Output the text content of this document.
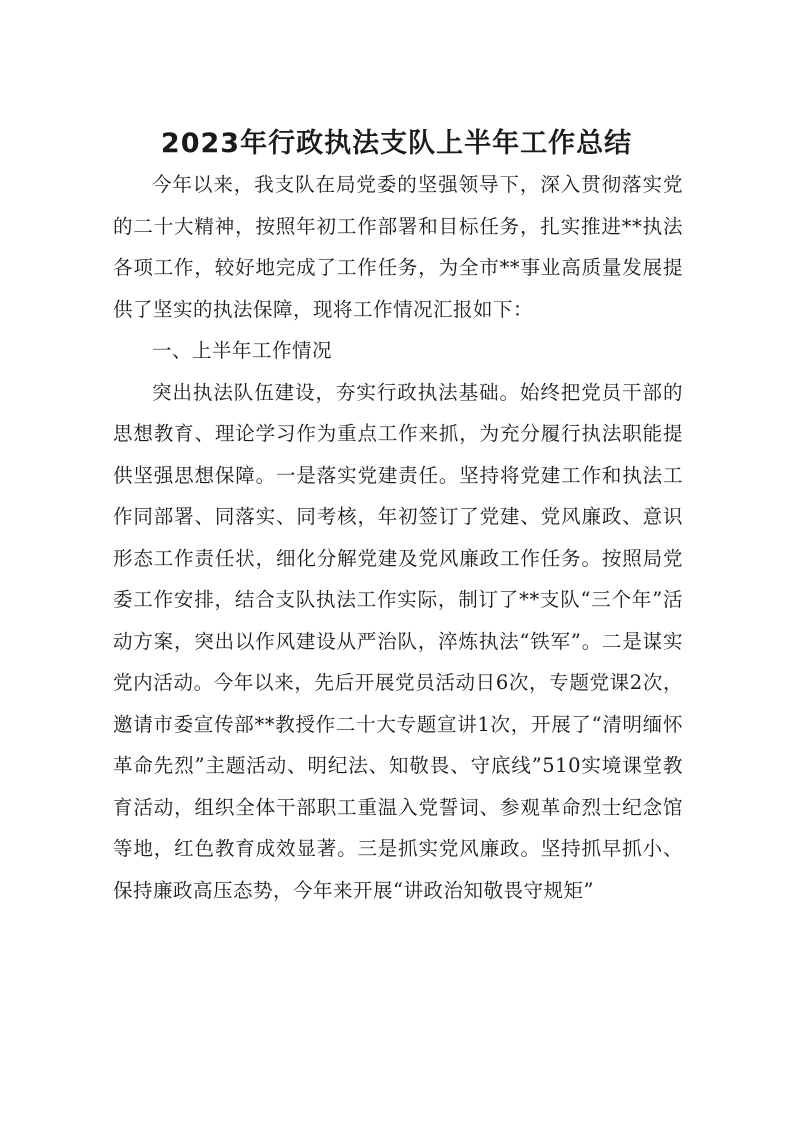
2023年行政执法支队上半年工作总结

今年以来，我支队在局党委的坚强领导下，深入贯彻落实党的二十大精神，按照年初工作部署和目标任务，扎实推进**执法各项工作，较好地完成了工作任务，为全市**事业高质量发展提供了坚实的执法保障，现将工作情况汇报如下：

一、上半年工作情况

突出执法队伍建设，夯实行政执法基础。始终把党员干部的思想教育、理论学习作为重点工作来抓，为充分履行执法职能提供坚强思想保障。一是落实党建责任。坚持将党建工作和执法工作同部署、同落实、同考核，年初签订了党建、党风廉政、意识形态工作责任状，细化分解党建及党风廉政工作任务。按照局党委工作安排，结合支队执法工作实际，制订了**支队“三个年”活动方案，突出以作风建设从严治队，淬炼执法“铁军”。二是谋实党内活动。今年以来，先后开展党员活动日6次，专题党课2次，邀请市委宣传部**教授作二十大专题宣讲1次，开展了“清明缅怀革命先烈”主题活动、明纪法、知敬畏、守底线”510实境课堂教育活动，组织全体干部职工重温入党誓词、参观革命烈士纪念馆等地，红色教育成效显著。三是抓实党风廉政。坚持抓早抓小、保持廉政高压态势，今年来开展“讲政治知敬畏守规矩”
